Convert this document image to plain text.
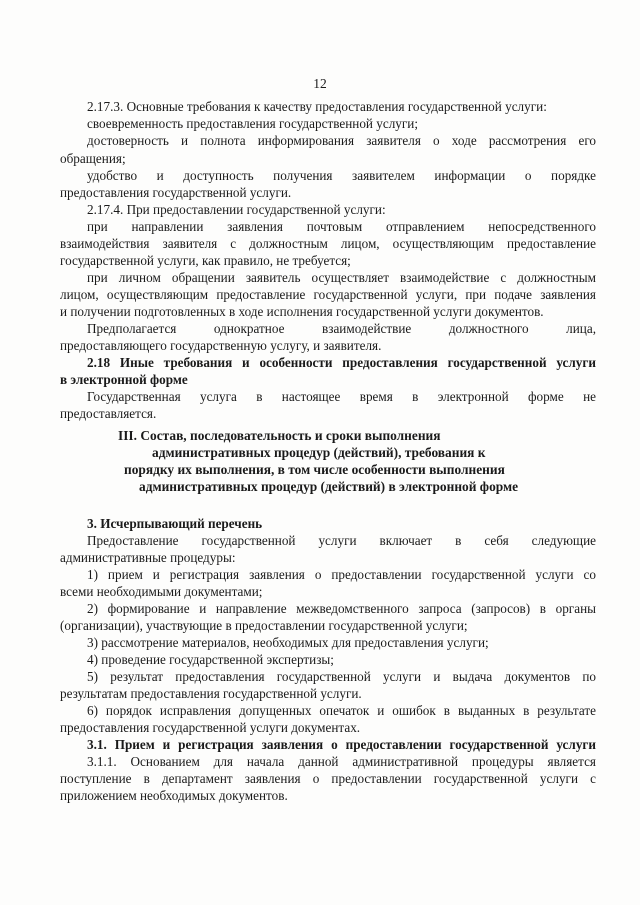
12
2.17.3. Основные требования к качеству предоставления государственной услуги:
своевременность предоставления государственной услуги;
достоверность и полнота информирования заявителя о ходе рассмотрения его
обращения;
удобство и доступность получения заявителем информации о порядке
предоставления государственной услуги.
2.17.4. При предоставлении государственной услуги:
при направлении заявления почтовым отправлением непосредственного
взаимодействия заявителя с должностным лицом, осуществляющим предоставление
государственной услуги, как правило, не требуется;
при личном обращении заявитель осуществляет взаимодействие с должностным
лицом, осуществляющим предоставление государственной услуги, при подаче заявления
и получении подготовленных в ходе исполнения государственной услуги документов.
Предполагается однократное взаимодействие должностного лица,
предоставляющего государственную услугу, и заявителя.
2.18 Иные требования и особенности предоставления государственной услуги
в электронной форме
Государственная услуга в настоящее время в электронной форме не
предоставляется.
3. Исчерпывающий перечень
Предоставление государственной услуги включает в себя следующие
административные процедуры:
1) прием и регистрация заявления о предоставлении государственной услуги со
всеми необходимыми документами;
2) формирование и направление межведомственного запроса (запросов) в органы
(организации), участвующие в предоставлении государственной услуги;
3) рассмотрение материалов, необходимых для предоставления услуги;
4) проведение государственной экспертизы;
5) результат предоставления государственной услуги и выдача документов по
результатам предоставления государственной услуги.
6) порядок исправления допущенных опечаток и ошибок в выданных в результате
предоставления государственной услуги документах.
3.1. Прием и регистрация заявления о предоставлении государственной услуги
3.1.1. Основанием для начала данной административной процедуры является
поступление в департамент заявления о предоставлении государственной услуги с
приложением необходимых документов.
III. Состав, последовательность и сроки выполнения
административных процедур (действий), требования к
порядку их выполнения, в том числе особенности выполнения
административных процедур (действий) в электронной форме
